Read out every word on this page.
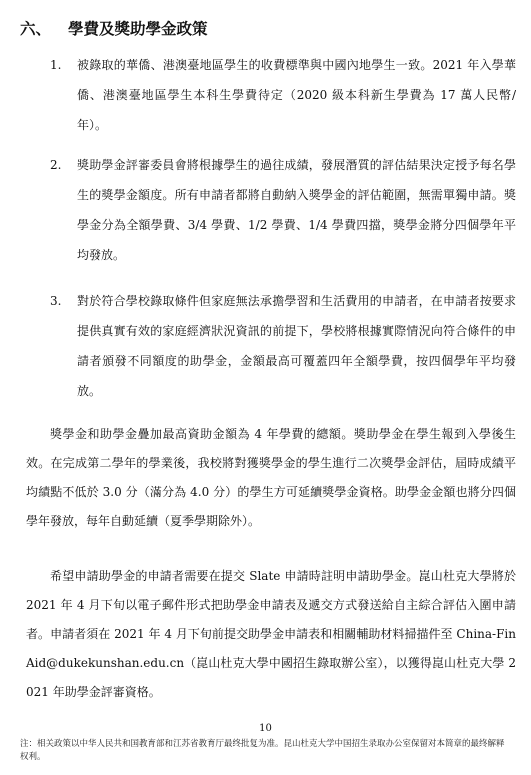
六、 學費及獎助學金政策
1.	被錄取的華僑、港澳臺地區學生的收費標準與中國內地學生一致。2021 年入學華僑、港澳臺地區學生本科生學費待定（2020 級本科新生學費為 17 萬人民幣/年）。
2.	獎助學金評審委員會將根據學生的過往成績，發展潛質的評估結果決定授予每名學生的獎學金額度。所有申請者都將自動納入獎學金的評估範圍，無需單獨申請。獎學金分為全額學費、3/4 學費、1/2 學費、1/4 學費四擋，獎學金將分四個學年平均發放。
3.	對於符合學校錄取條件但家庭無法承擔學習和生活費用的申請者，在申請者按要求提供真實有效的家庭經濟狀況資訊的前提下，學校將根據實際情況向符合條件的申請者頒發不同額度的助學金，金額最高可覆蓋四年全額學費，按四個學年平均發放。
獎學金和助學金疊加最高資助金額為 4 年學費的總額。獎助學金在學生報到入學後生效。在完成第二學年的學業後，我校將對獲獎學金的學生進行二次獎學金評估，屆時成績平均績點不低於 3.0 分（滿分為 4.0 分）的學生方可延續獎學金資格。助學金金額也將分四個學年發放，每年自動延續（夏季學期除外）。
希望申請助學金的申請者需要在提交 Slate 申請時註明申請助學金。崑山杜克大學將於 2021 年 4 月下旬以電子郵件形式把助學金申請表及遞交方式發送給自主綜合評估入圍申請者。申請者須在 2021 年 4 月下旬前提交助學金申請表和相關輔助材料掃描件至 China-FinAid@dukekunshan.edu.cn（崑山杜克大學中國招生錄取辦公室），以獲得崑山杜克大學 2021 年助學金評審資格。
10
注：相关政策以中华人民共和国教育部和江苏省教育厅最终批复为准。昆山杜克大学中国招生录取办公室保留对本简章的最终解释权利。
